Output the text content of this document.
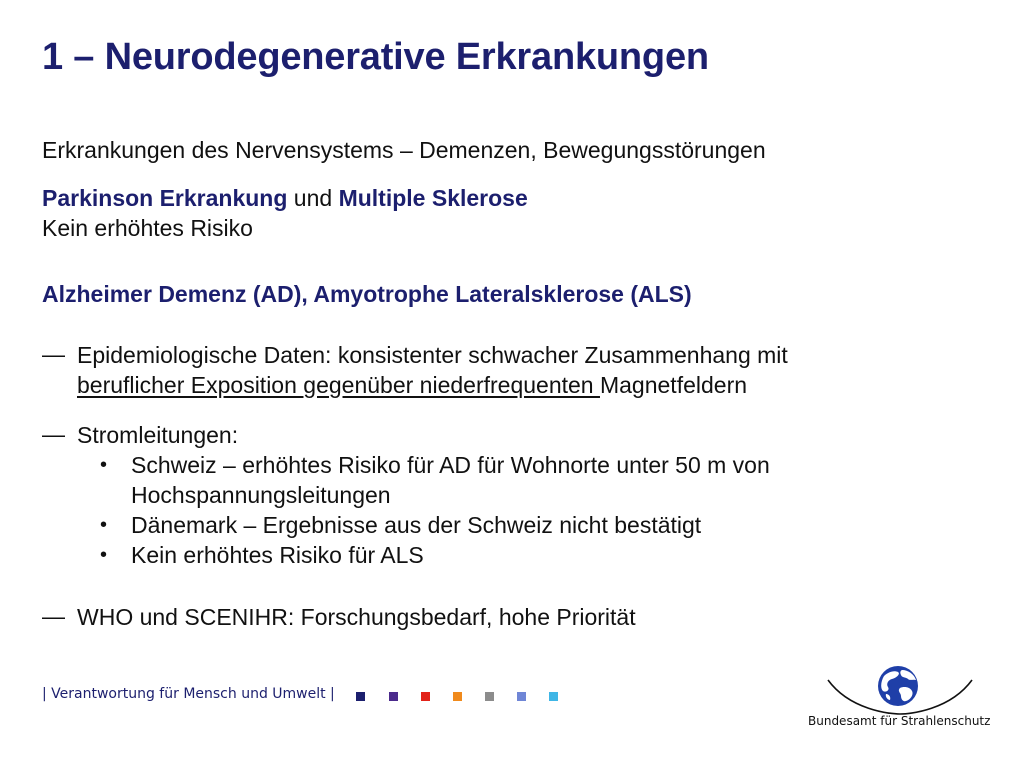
1 – Neurodegenerative Erkrankungen
Erkrankungen des Nervensystems – Demenzen, Bewegungsstörungen
Parkinson Erkrankung und Multiple Sklerose
Kein erhöhtes Risiko
Alzheimer Demenz (AD), Amyotrophe Lateralsklerose (ALS)
— Epidemiologische Daten: konsistenter schwacher Zusammenhang mit
beruflicher Exposition gegenüber niederfrequenten Magnetfeldern
— Stromleitungen:
• Schweiz – erhöhtes Risiko für AD für Wohnorte unter 50 m von
Hochspannungsleitungen
• Dänemark – Ergebnisse aus der Schweiz nicht bestätigt
• Kein erhöhtes Risiko für ALS
— WHO und SCENIHR: Forschungsbedarf, hohe Priorität
| Verantwortung für Mensch und Umwelt |
Bundesamt für Strahlenschutz
